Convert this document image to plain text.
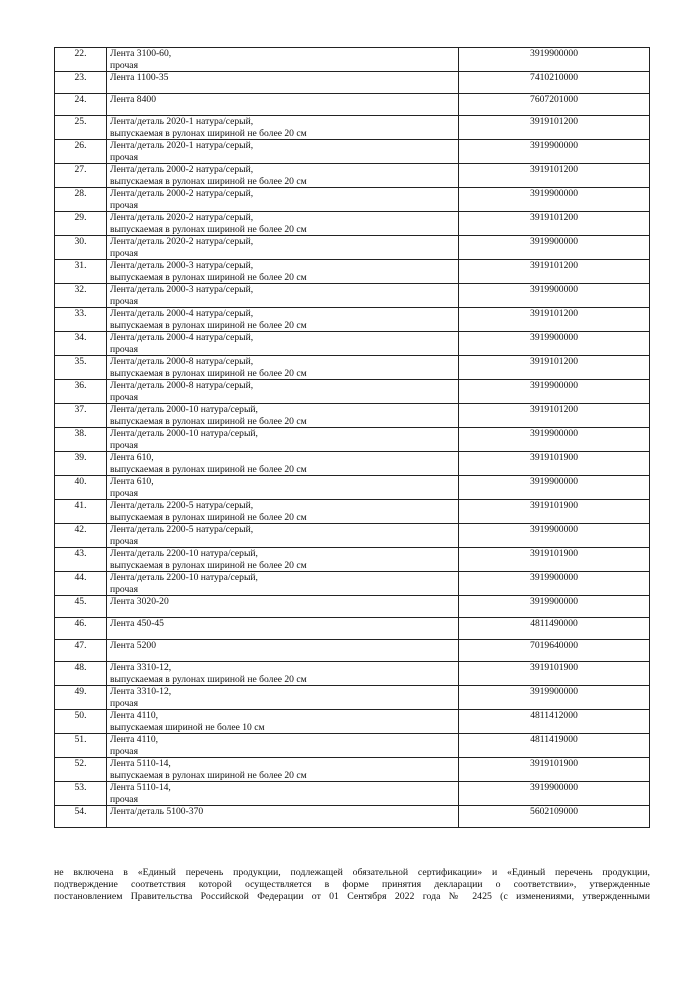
22.	Лента 3100-60,
прочая	3919900000
23.	Лента 1100-35	7410210000
24.	Лента 8400	7607201000
25.	Лента/деталь 2020-1 натура/серый,
выпускаемая в рулонах шириной не более 20 см	3919101200
26.	Лента/деталь 2020-1 натура/серый,
прочая	3919900000
27.	Лента/деталь 2000-2 натура/серый,
выпускаемая в рулонах шириной не более 20 см	3919101200
28.	Лента/деталь 2000-2 натура/серый,
прочая	3919900000
29.	Лента/деталь 2020-2 натура/серый,
выпускаемая в рулонах шириной не более 20 см	3919101200
30.	Лента/деталь 2020-2 натура/серый,
прочая	3919900000
31.	Лента/деталь 2000-3 натура/серый,
выпускаемая в рулонах шириной не более 20 см	3919101200
32.	Лента/деталь 2000-3 натура/серый,
прочая	3919900000
33.	Лента/деталь 2000-4 натура/серый,
выпускаемая в рулонах шириной не более 20 см	3919101200
34.	Лента/деталь 2000-4 натура/серый,
прочая	3919900000
35.	Лента/деталь 2000-8 натура/серый,
выпускаемая в рулонах шириной не более 20 см	3919101200
36.	Лента/деталь 2000-8 натура/серый,
прочая	3919900000
37.	Лента/деталь 2000-10 натура/серый,
выпускаемая в рулонах шириной не более 20 см	3919101200
38.	Лента/деталь 2000-10 натура/серый,
прочая	3919900000
39.	Лента 610,
выпускаемая в рулонах шириной не более 20 см	3919101900
40.	Лента 610,
прочая	3919900000
41.	Лента/деталь 2200-5 натура/серый,
выпускаемая в рулонах шириной не более 20 см	3919101900
42.	Лента/деталь 2200-5 натура/серый,
прочая	3919900000
43.	Лента/деталь 2200-10 натура/серый,
выпускаемая в рулонах шириной не более 20 см	3919101900
44.	Лента/деталь 2200-10 натура/серый,
прочая	3919900000
45.	Лента 3020-20	3919900000
46.	Лента 450-45	4811490000
47.	Лента 5200	7019640000
48.	Лента 3310-12,
выпускаемая в рулонах шириной не более 20 см	3919101900
49.	Лента 3310-12,
прочая	3919900000
50.	Лента 4110,
выпускаемая шириной не более 10 см	4811412000
51.	Лента 4110,
прочая	4811419000
52.	Лента 5110-14,
выпускаемая в рулонах шириной не более 20 см	3919101900
53.	Лента 5110-14,
прочая	3919900000
54.	Лента/деталь 5100-370	5602109000
не включена в «Единый перечень продукции, подлежащей обязательной сертификации» и «Единый перечень продукции,
подтверждение соответствия которой осуществляется в форме принятия декларации о соответствии», утвержденные
постановлением Правительства Российской Федерации от 01 Сентября 2022 года № 2425 (с изменениями, утвержденными
